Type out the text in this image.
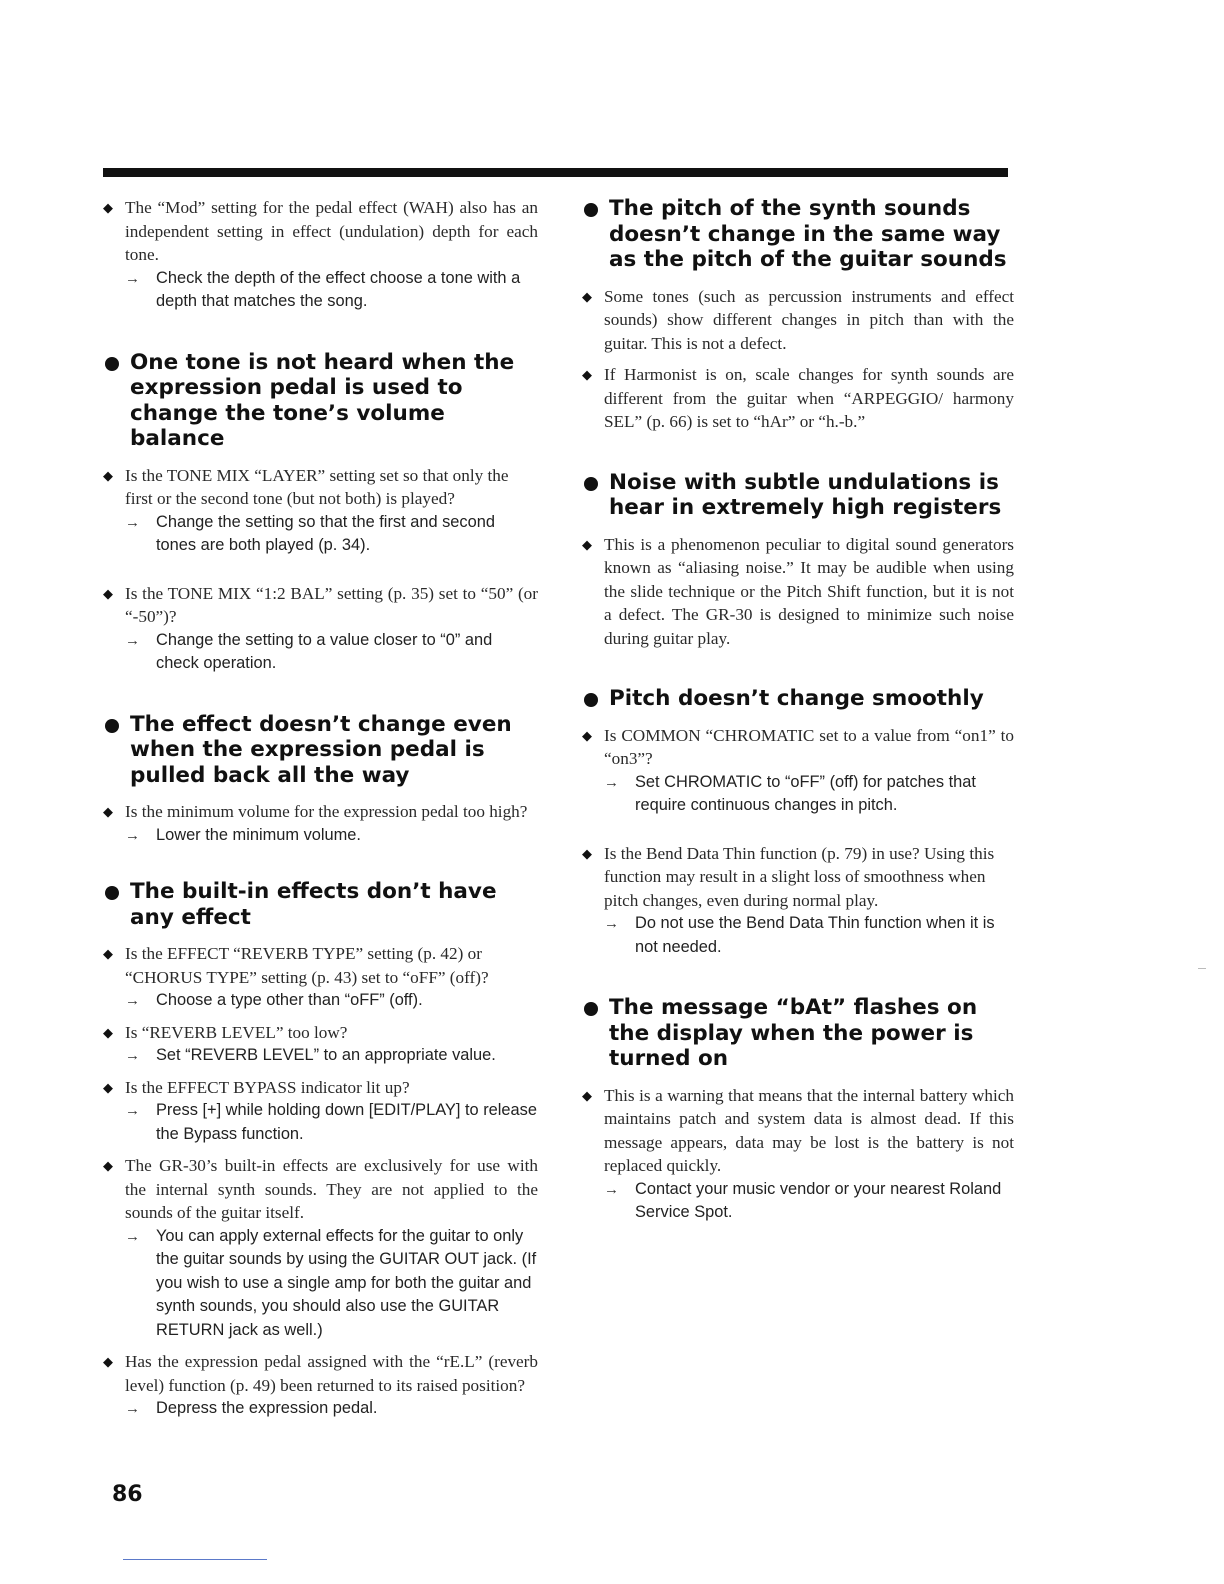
◆ The “Mod” setting for the pedal effect (WAH) also has an independent setting in effect (undulation) depth for each tone.
→ Check the depth of the effect choose a tone with a depth that matches the song.
One tone is not heard when the expression pedal is used to change the tone’s volume balance
◆ Is the TONE MIX “LAYER” setting set so that only the first or the second tone (but not both) is played?
→ Change the setting so that the first and second tones are both played (p. 34).
◆ Is the TONE MIX “1:2 BAL” setting (p. 35) set to “50” (or “-50”)?
→ Change the setting to a value closer to “0” and check operation.
The effect doesn’t change even when the expression pedal is pulled back all the way
◆ Is the minimum volume for the expression pedal too high?
→ Lower the minimum volume.
The built-in effects don’t have any effect
◆ Is the EFFECT “REVERB TYPE” setting (p. 42) or “CHORUS TYPE” setting (p. 43) set to “oFF” (off)?
→ Choose a type other than “oFF” (off).
◆ Is “REVERB LEVEL” too low?
→ Set “REVERB LEVEL” to an appropriate value.
◆ Is the EFFECT BYPASS indicator lit up?
→ Press [+] while holding down [EDIT/PLAY] to release the Bypass function.
◆ The GR-30’s built-in effects are exclusively for use with the internal synth sounds. They are not applied to the sounds of the guitar itself.
→ You can apply external effects for the guitar to only the guitar sounds by using the GUITAR OUT jack. (If you wish to use a single amp for both the guitar and synth sounds, you should also use the GUITAR RETURN jack as well.)
◆ Has the expression pedal assigned with the “rE.L” (reverb level) function (p. 49) been returned to its raised position?
→ Depress the expression pedal.
The pitch of the synth sounds doesn’t change in the same way as the pitch of the guitar sounds
◆ Some tones (such as percussion instruments and effect sounds) show different changes in pitch than with the guitar. This is not a defect.
◆ If Harmonist is on, scale changes for synth sounds are different from the guitar when “ARPEGGIO/ harmony SEL” (p. 66) is set to “hAr” or “h.-b.”
Noise with subtle undulations is hear in extremely high registers
◆ This is a phenomenon peculiar to digital sound generators known as “aliasing noise.” It may be audible when using the slide technique or the Pitch Shift function, but it is not a defect. The GR-30 is designed to minimize such noise during guitar play.
Pitch doesn’t change smoothly
◆ Is COMMON “CHROMATIC set to a value from “on1” to “on3”?
→ Set CHROMATIC to “oFF” (off) for patches that require continuous changes in pitch.
◆ Is the Bend Data Thin function (p. 79) in use? Using this function may result in a slight loss of smoothness when pitch changes, even during normal play.
→ Do not use the Bend Data Thin function when it is not needed.
The message “bAt” flashes on the display when the power is turned on
◆ This is a warning that means that the internal battery which maintains patch and system data is almost dead. If this message appears, data may be lost is the battery is not replaced quickly.
→ Contact your music vendor or your nearest Roland Service Spot.
86
